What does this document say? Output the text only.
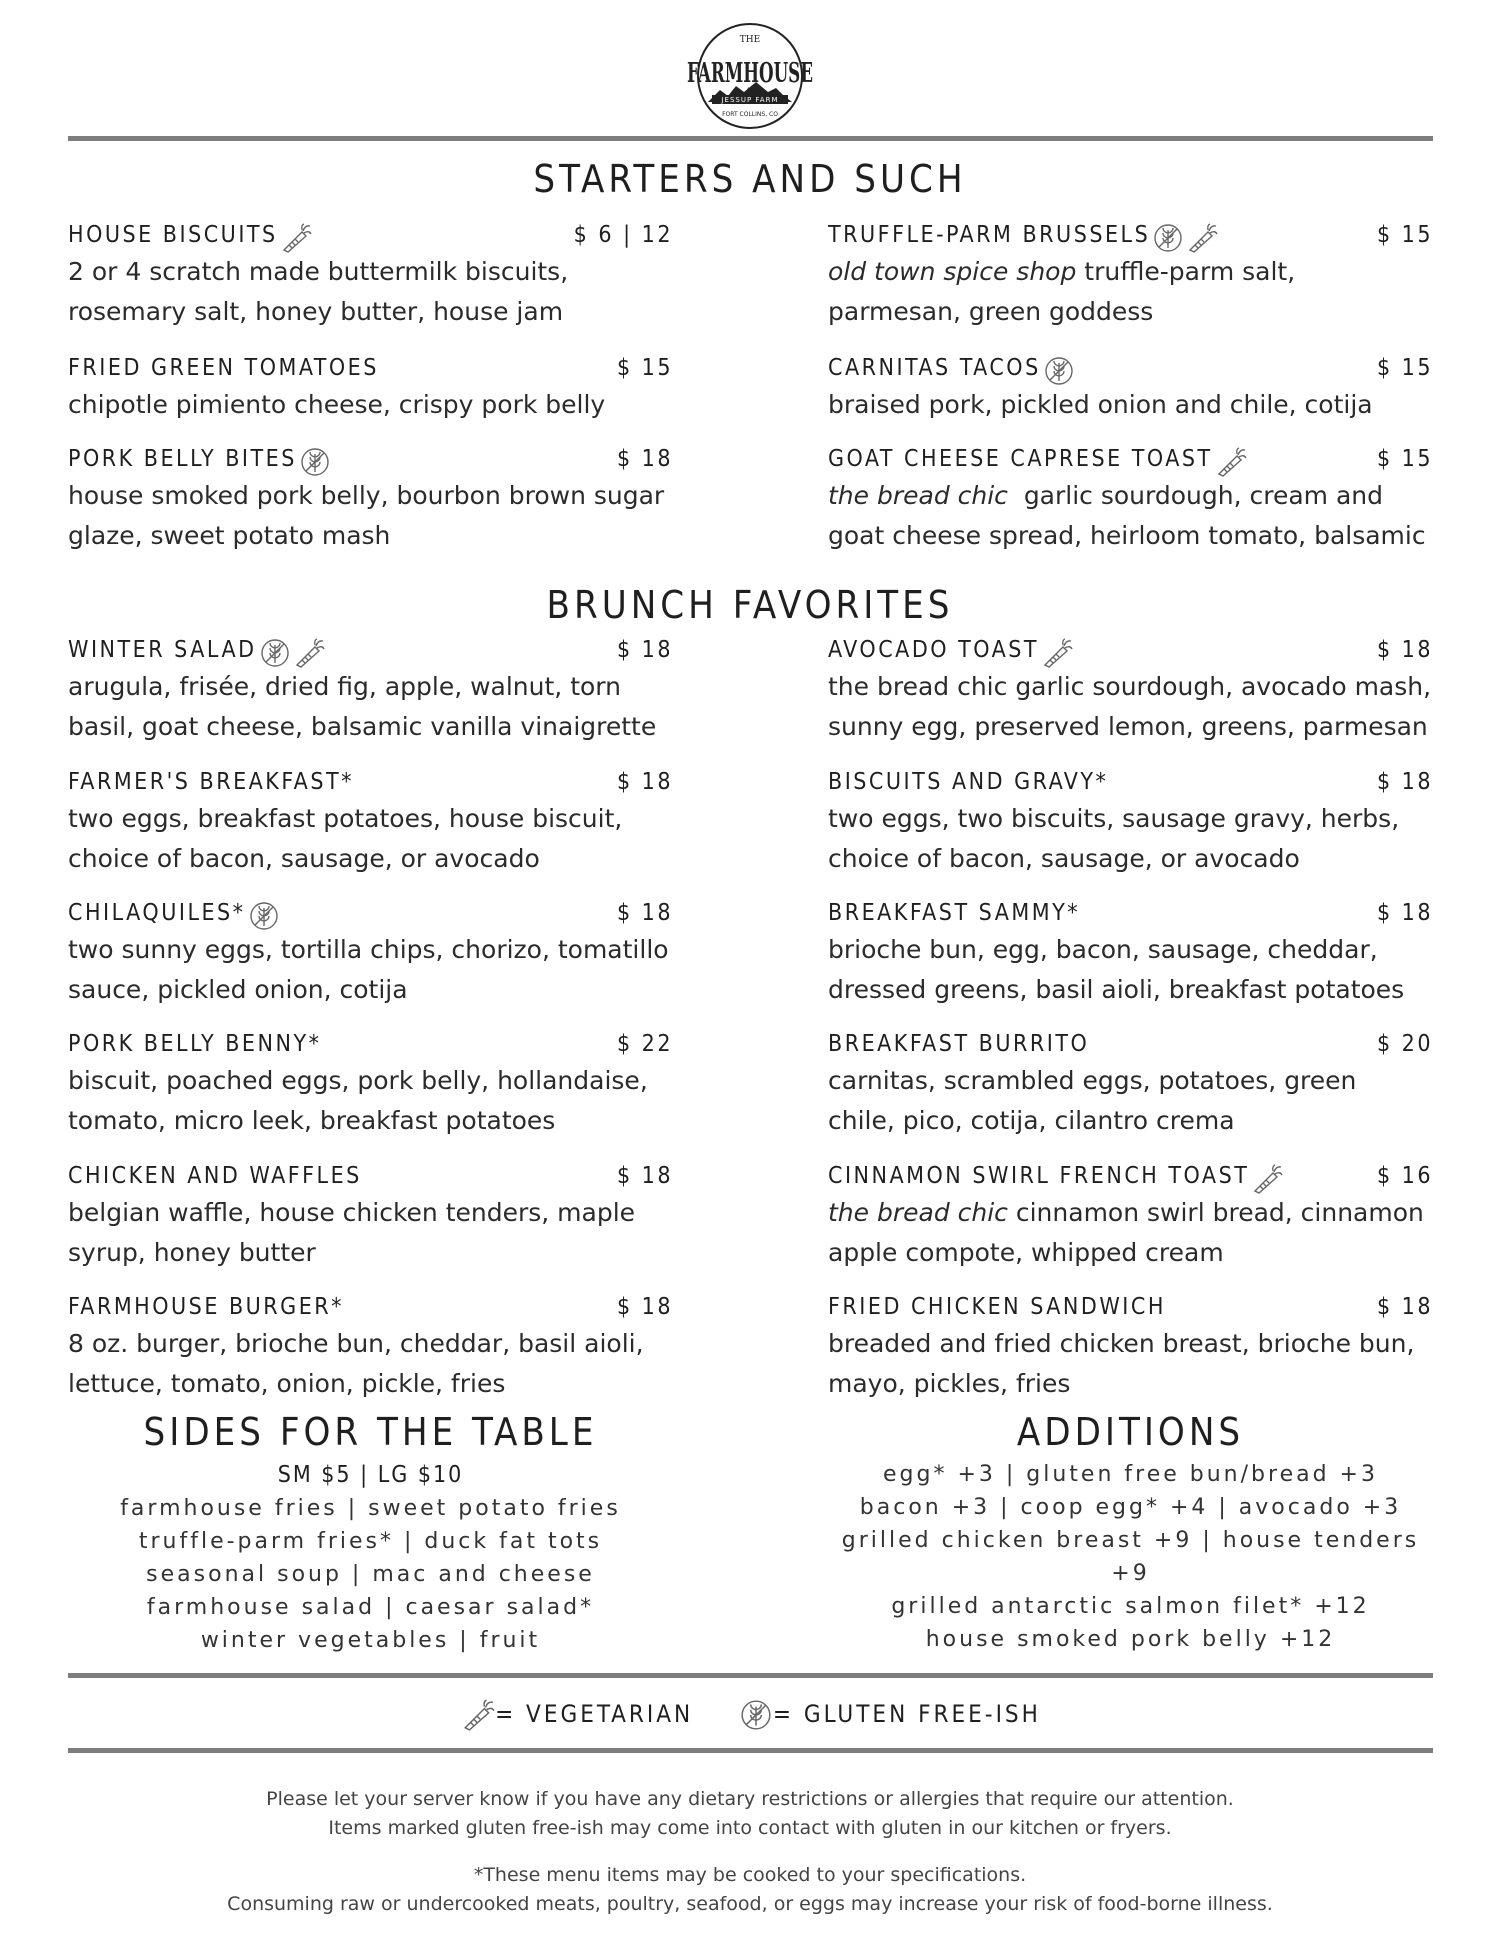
THE
FARMHOUSE
JESSUP FARM
FORT COLLINS, CO
STARTERS AND SUCH
HOUSE BISCUITS	$ 6 | 12
2 or 4 scratch made buttermilk biscuits,
rosemary salt, honey butter, house jam
FRIED GREEN TOMATOES	$ 15
chipotle pimiento cheese, crispy pork belly
PORK BELLY BITES	$ 18
house smoked pork belly, bourbon brown sugar
glaze, sweet potato mash
TRUFFLE-PARM BRUSSELS	$ 15
old town spice shop truffle-parm salt,
parmesan, green goddess
CARNITAS TACOS	$ 15
braised pork, pickled onion and chile, cotija
GOAT CHEESE CAPRESE TOAST	$ 15
the bread chic  garlic sourdough, cream and
goat cheese spread, heirloom tomato, balsamic
BRUNCH FAVORITES
WINTER SALAD	$ 18
arugula, frisée, dried fig, apple, walnut, torn
basil, goat cheese, balsamic vanilla vinaigrette
FARMER'S BREAKFAST*	$ 18
two eggs, breakfast potatoes, house biscuit,
choice of bacon, sausage, or avocado
CHILAQUILES*	$ 18
two sunny eggs, tortilla chips, chorizo, tomatillo
sauce, pickled onion, cotija
PORK BELLY BENNY*	$ 22
biscuit, poached eggs, pork belly, hollandaise,
tomato, micro leek, breakfast potatoes
CHICKEN AND WAFFLES	$ 18
belgian waffle, house chicken tenders, maple
syrup, honey butter
FARMHOUSE BURGER*	$ 18
8 oz. burger, brioche bun, cheddar, basil aioli,
lettuce, tomato, onion, pickle, fries
AVOCADO TOAST	$ 18
the bread chic garlic sourdough, avocado mash,
sunny egg, preserved lemon, greens, parmesan
BISCUITS AND GRAVY*	$ 18
two eggs, two biscuits, sausage gravy, herbs,
choice of bacon, sausage, or avocado
BREAKFAST SAMMY*	$ 18
brioche bun, egg, bacon, sausage, cheddar,
dressed greens, basil aioli, breakfast potatoes
BREAKFAST BURRITO	$ 20
carnitas, scrambled eggs, potatoes, green
chile, pico, cotija, cilantro crema
CINNAMON SWIRL FRENCH TOAST	$ 16
the bread chic cinnamon swirl bread, cinnamon
apple compote, whipped cream
FRIED CHICKEN SANDWICH	$ 18
breaded and fried chicken breast, brioche bun,
mayo, pickles, fries
SIDES FOR THE TABLE
SM $5 | LG $10
farmhouse fries | sweet potato fries
truffle-parm fries* | duck fat tots
seasonal soup | mac and cheese
farmhouse salad | caesar salad*
winter vegetables | fruit
ADDITIONS
egg* +3 | gluten free bun/bread +3
bacon +3 | coop egg* +4 | avocado +3
grilled chicken breast +9 | house tenders +9
grilled antarctic salmon filet* +12
house smoked pork belly +12
= VEGETARIAN	= GLUTEN FREE-ISH
Please let your server know if you have any dietary restrictions or allergies that require our attention.
Items marked gluten free-ish may come into contact with gluten in our kitchen or fryers.
*These menu items may be cooked to your specifications.
Consuming raw or undercooked meats, poultry, seafood, or eggs may increase your risk of food-borne illness.
